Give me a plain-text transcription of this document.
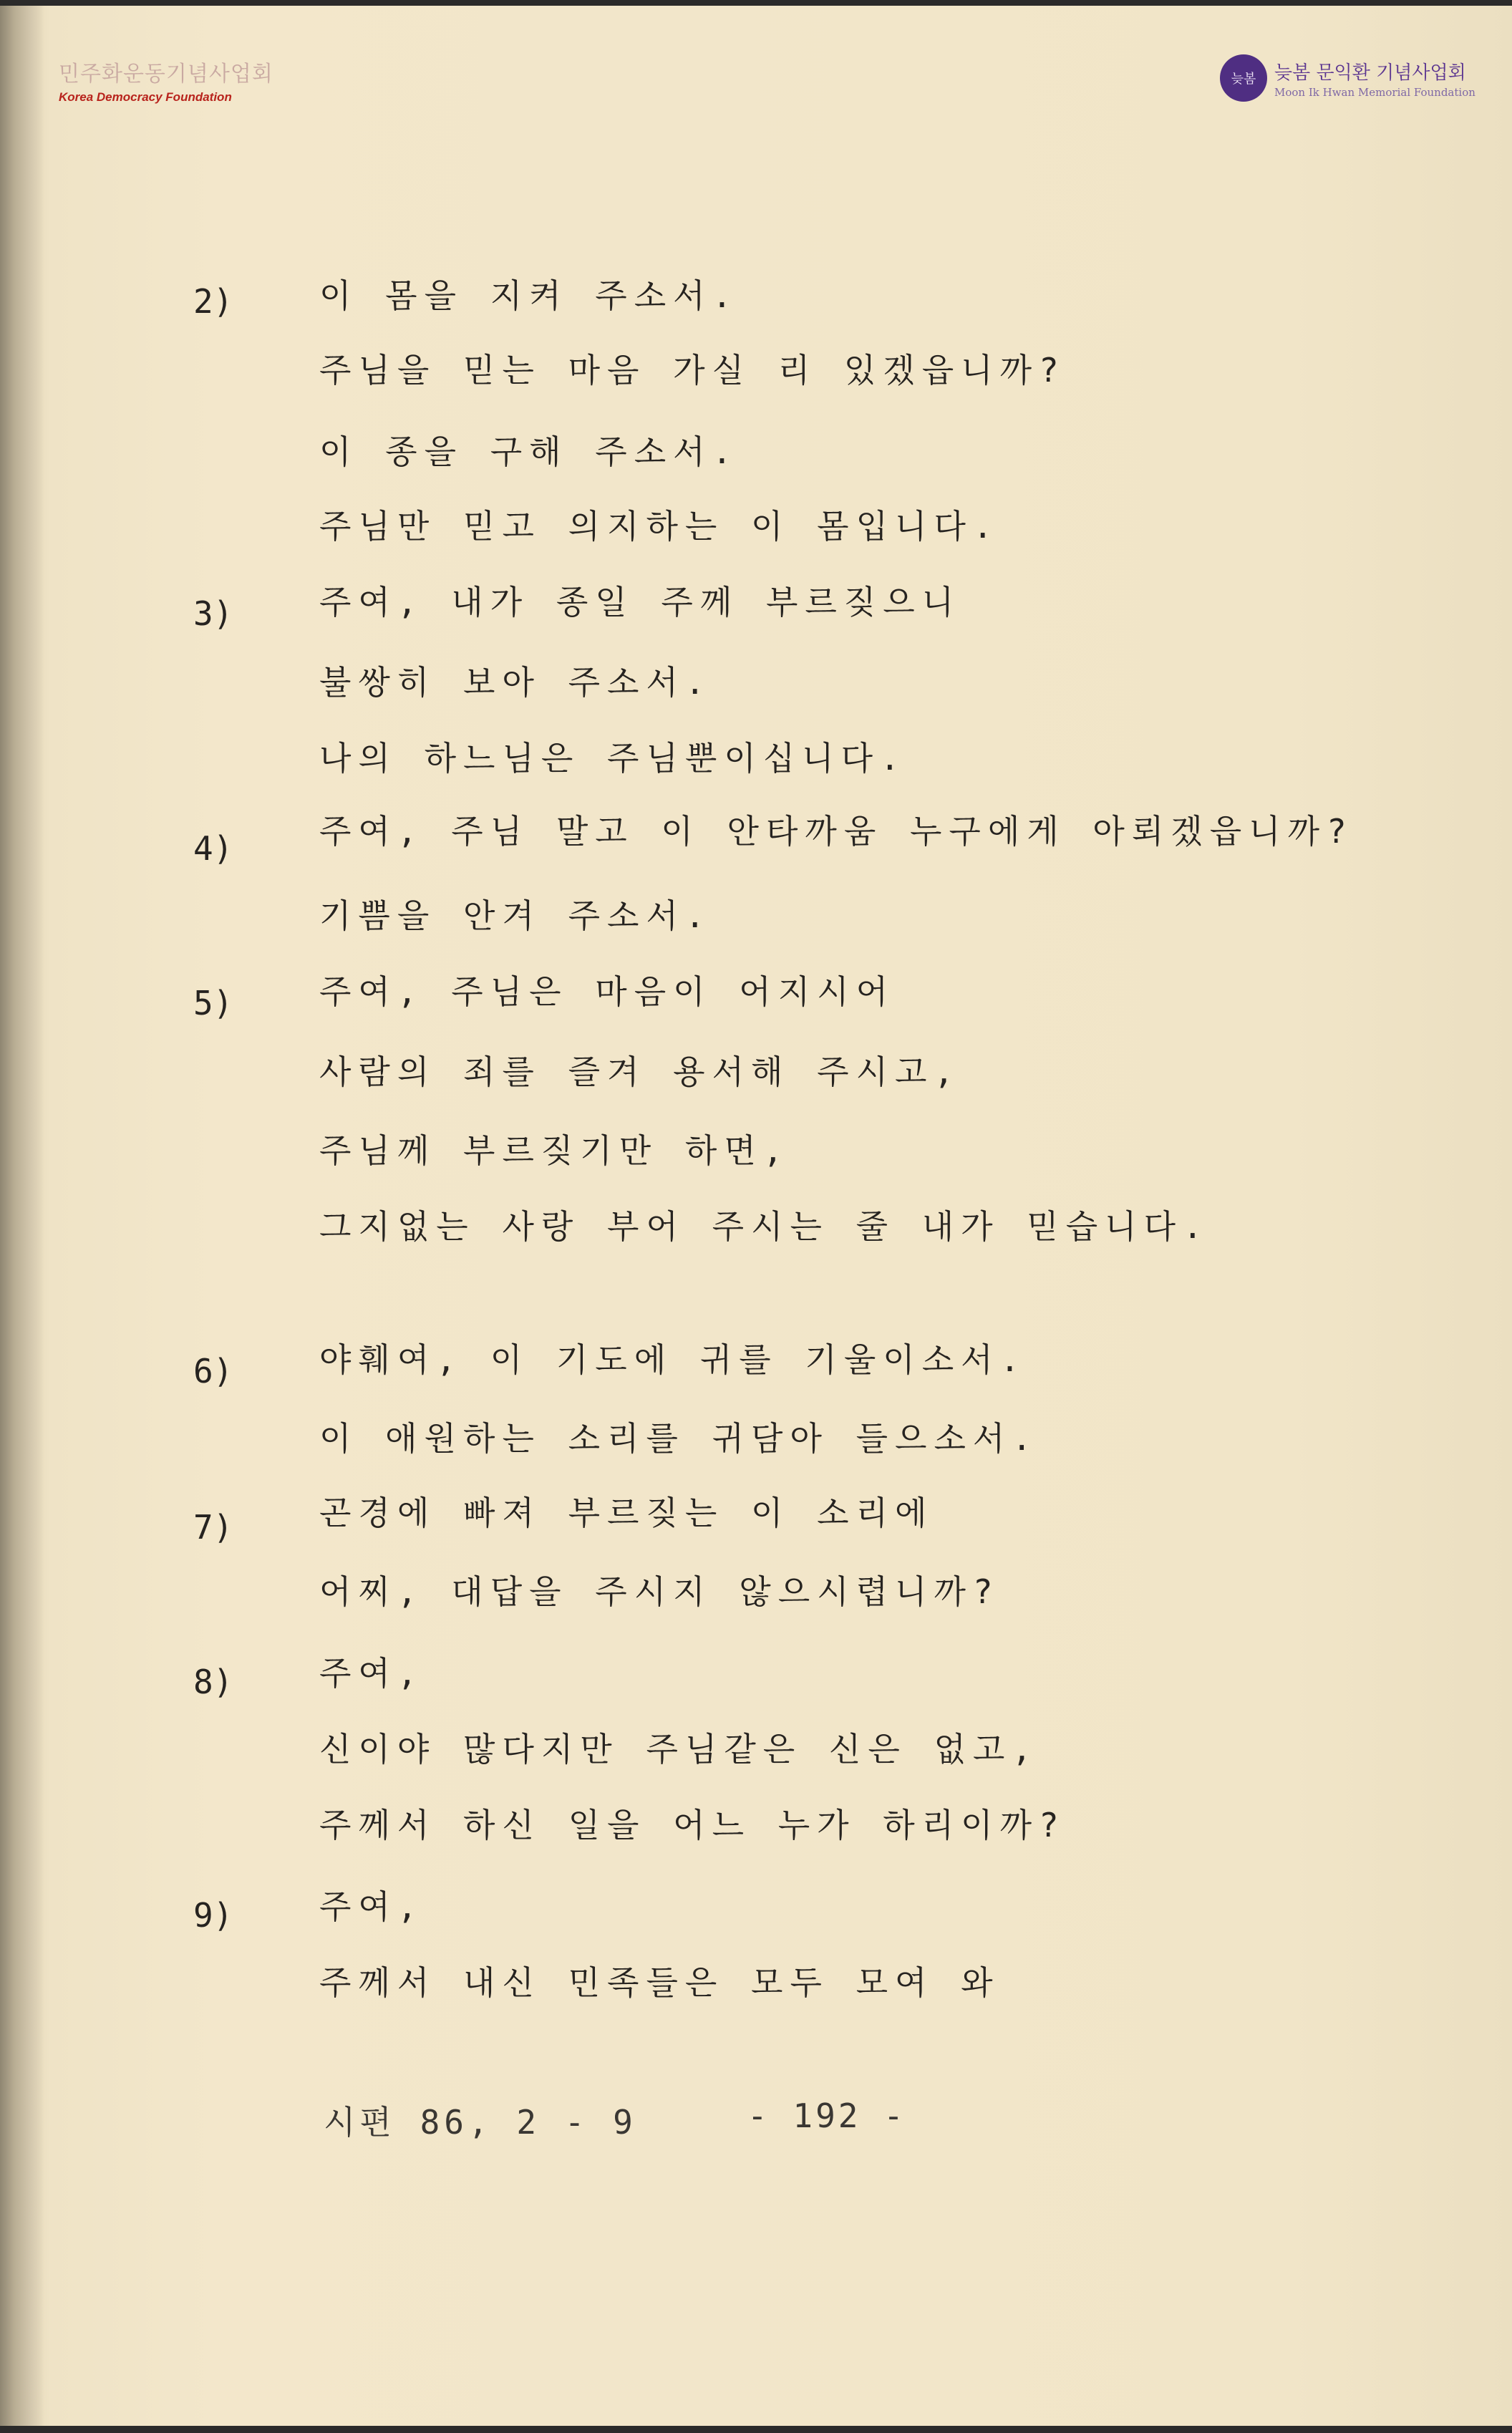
민주화운동기념사업회
Korea Democracy Foundation
늦봄 늦봄 문익환 기념사업회
Moon Ik Hwan Memorial Foundation
2)	이 몸을 지켜 주소서.
주님을 믿는 마음 가실 리 있겠읍니까?
이 종을 구해 주소서.
주님만 믿고 의지하는 이 몸입니다.
3)	주여, 내가 종일 주께 부르짖으니
불쌍히 보아 주소서.
나의 하느님은 주님뿐이십니다.
4)	주여, 주님 말고 이 안타까움 누구에게 아뢰겠읍니까?
기쁨을 안겨 주소서.
5)	주여, 주님은 마음이 어지시어
사람의 죄를 즐겨 용서해 주시고,
주님께 부르짖기만 하면,
그지없는 사랑 부어 주시는 줄 내가 믿습니다.
6)	야훼여, 이 기도에 귀를 기울이소서.
이 애원하는 소리를 귀담아 들으소서.
7)	곤경에 빠져 부르짖는 이 소리에
어찌, 대답을 주시지 않으시렵니까?
8)	주여,
신이야 많다지만 주님같은 신은 없고,
주께서 하신 일을 어느 누가 하리이까?
9)	주여,
주께서 내신 민족들은 모두 모여 와
시편 86, 2 - 9	- 192 -
